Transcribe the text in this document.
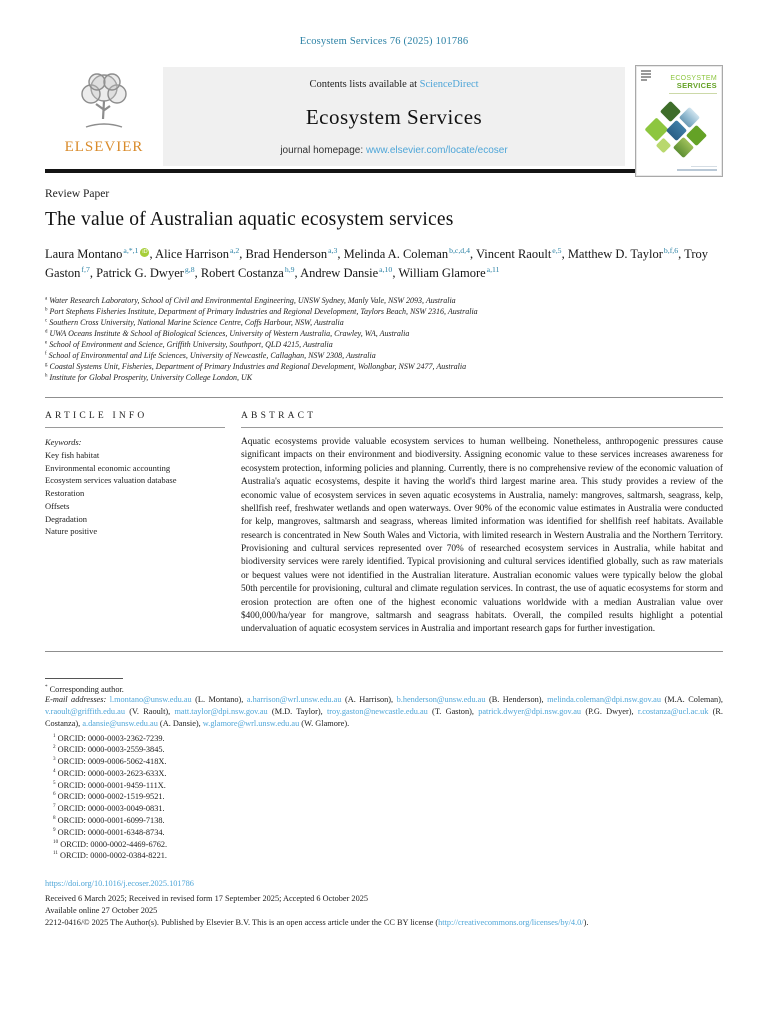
Ecosystem Services 76 (2025) 101786
ELSEVIER
Contents lists available at ScienceDirect
Ecosystem Services
journal homepage: www.elsevier.com/locate/ecoser
ECOSYSTEM
SERVICES
Review Paper
The value of Australian aquatic ecosystem services
Laura Montano$^{a,*,1}$ iD , Alice Harrison$^{a,2}$, Brad Henderson$^{a,3}$, Melinda A. Coleman$^{b,c,d,4}$, Vincent Raoult$^{e,5}$, Matthew D. Taylor$^{b,f,6}$, Troy Gaston$^{f,7}$, Patrick G. Dwyer$^{g,8}$, Robert Costanza$^{h,9}$, Andrew Dansie$^{a,10}$, William Glamore$^{a,11}$
$^a$ Water Research Laboratory, School of Civil and Environmental Engineering, UNSW Sydney, Manly Vale, NSW 2093, Australia
$^b$ Port Stephens Fisheries Institute, Department of Primary Industries and Regional Development, Taylors Beach, NSW 2316, Australia
$^c$ Southern Cross University, National Marine Science Centre, Coffs Harbour, NSW, Australia
$^d$ UWA Oceans Institute & School of Biological Sciences, University of Western Australia, Crawley, WA, Australia
$^e$ School of Environment and Science, Griffith University, Southport, QLD 4215, Australia
$^f$ School of Environmental and Life Sciences, University of Newcastle, Callaghan, NSW 2308, Australia
$^g$ Coastal Systems Unit, Fisheries, Department of Primary Industries and Regional Development, Wollongbar, NSW 2477, Australia
$^h$ Institute for Global Prosperity, University College London, UK
ARTICLE INFO
Keywords:
Key fish habitat
Environmental economic accounting
Ecosystem services valuation database
Restoration
Offsets
Degradation
Nature positive
ABSTRACT

Aquatic ecosystems provide valuable ecosystem services to human wellbeing. Nonetheless, anthropogenic pressures cause significant impacts on their environment and biodiversity. Assigning economic value to these services increases awareness for ecosystem protection, informing policies and planning. Currently, there is no comprehensive review of the economic valuation of Australia's aquatic ecosystems, despite it having the world's third largest marine area. This study provides a review of the economic value of ecosystem services in seven aquatic ecosystems in Australia, namely: mangroves, saltmarsh, seagrass, kelp, shellfish reef, freshwater wetlands and open waterways. Over 90% of the economic value estimates in Australia were conducted for kelp, mangroves, saltmarsh and seagrass, whereas limited information was identified for shellfish reef habitats. Available research is concentrated in New South Wales and Victoria, with limited research in Western Australia and the Northern Territory. Provisioning and cultural services represented over 70% of researched ecosystem services in Australia, while habitat and biodiversity services were rarely identified. Typical provisioning and cultural services identified globally, such as raw materials or bequest values were not identified in the Australian literature. Australian economic values were typically below the global 50th percentile for provisioning, cultural and climate regulation services. In contrast, the use of aquatic ecosystems for storm and erosion protection are often one of the highest economic valuations worldwide with a median Australian value over $400,000/ha/year for mangrove, saltmarsh and seagrass habitats. Overall, the compiled results highlight a potential undervaluation of aquatic ecosystem services in Australia and important research gaps for further investigation.

* Corresponding author.

E-mail addresses: l.montano@unsw.edu.au (L. Montano), a.harrison@wrl.unsw.edu.au (A. Harrison), b.henderson@unsw.edu.au (B. Henderson), melinda.coleman@dpi.nsw.gov.au (M.A. Coleman), v.raoult@griffith.edu.au (V. Raoult), matt.taylor@dpi.nsw.gov.au (M.D. Taylor), troy.gaston@newcastle.edu.au (T. Gaston), patrick.dwyer@dpi.nsw.gov.au (P.G. Dwyer), r.costanza@ucl.ac.uk (R. Costanza), a.dansie@unsw.edu.au (A. Dansie), w.glamore@wrl.unsw.edu.au (W. Glamore).

$^1$ ORCID: 0000-0003-2362-7239.
$^2$ ORCID: 0000-0003-2559-3845.
$^3$ ORCID: 0009-0006-5062-418X.
$^4$ ORCID: 0000-0003-2623-633X.
$^5$ ORCID: 0000-0001-9459-111X.
$^6$ ORCID: 0000-0002-1519-9521.
$^7$ ORCID: 0000-0003-0049-0831.
$^8$ ORCID: 0000-0001-6099-7138.
$^9$ ORCID: 0000-0001-6348-8734.
$^{10}$ ORCID: 0000-0002-4469-6762.
$^{11}$ ORCID: 0000-0002-0384-8221.
https://doi.org/10.1016/j.ecoser.2025.101786
Received 6 March 2025; Received in revised form 17 September 2025; Accepted 6 October 2025
Available online 27 October 2025
2212-0416/© 2025 The Author(s). Published by Elsevier B.V. This is an open access article under the CC BY license (http://creativecommons.org/licenses/by/4.0/).
